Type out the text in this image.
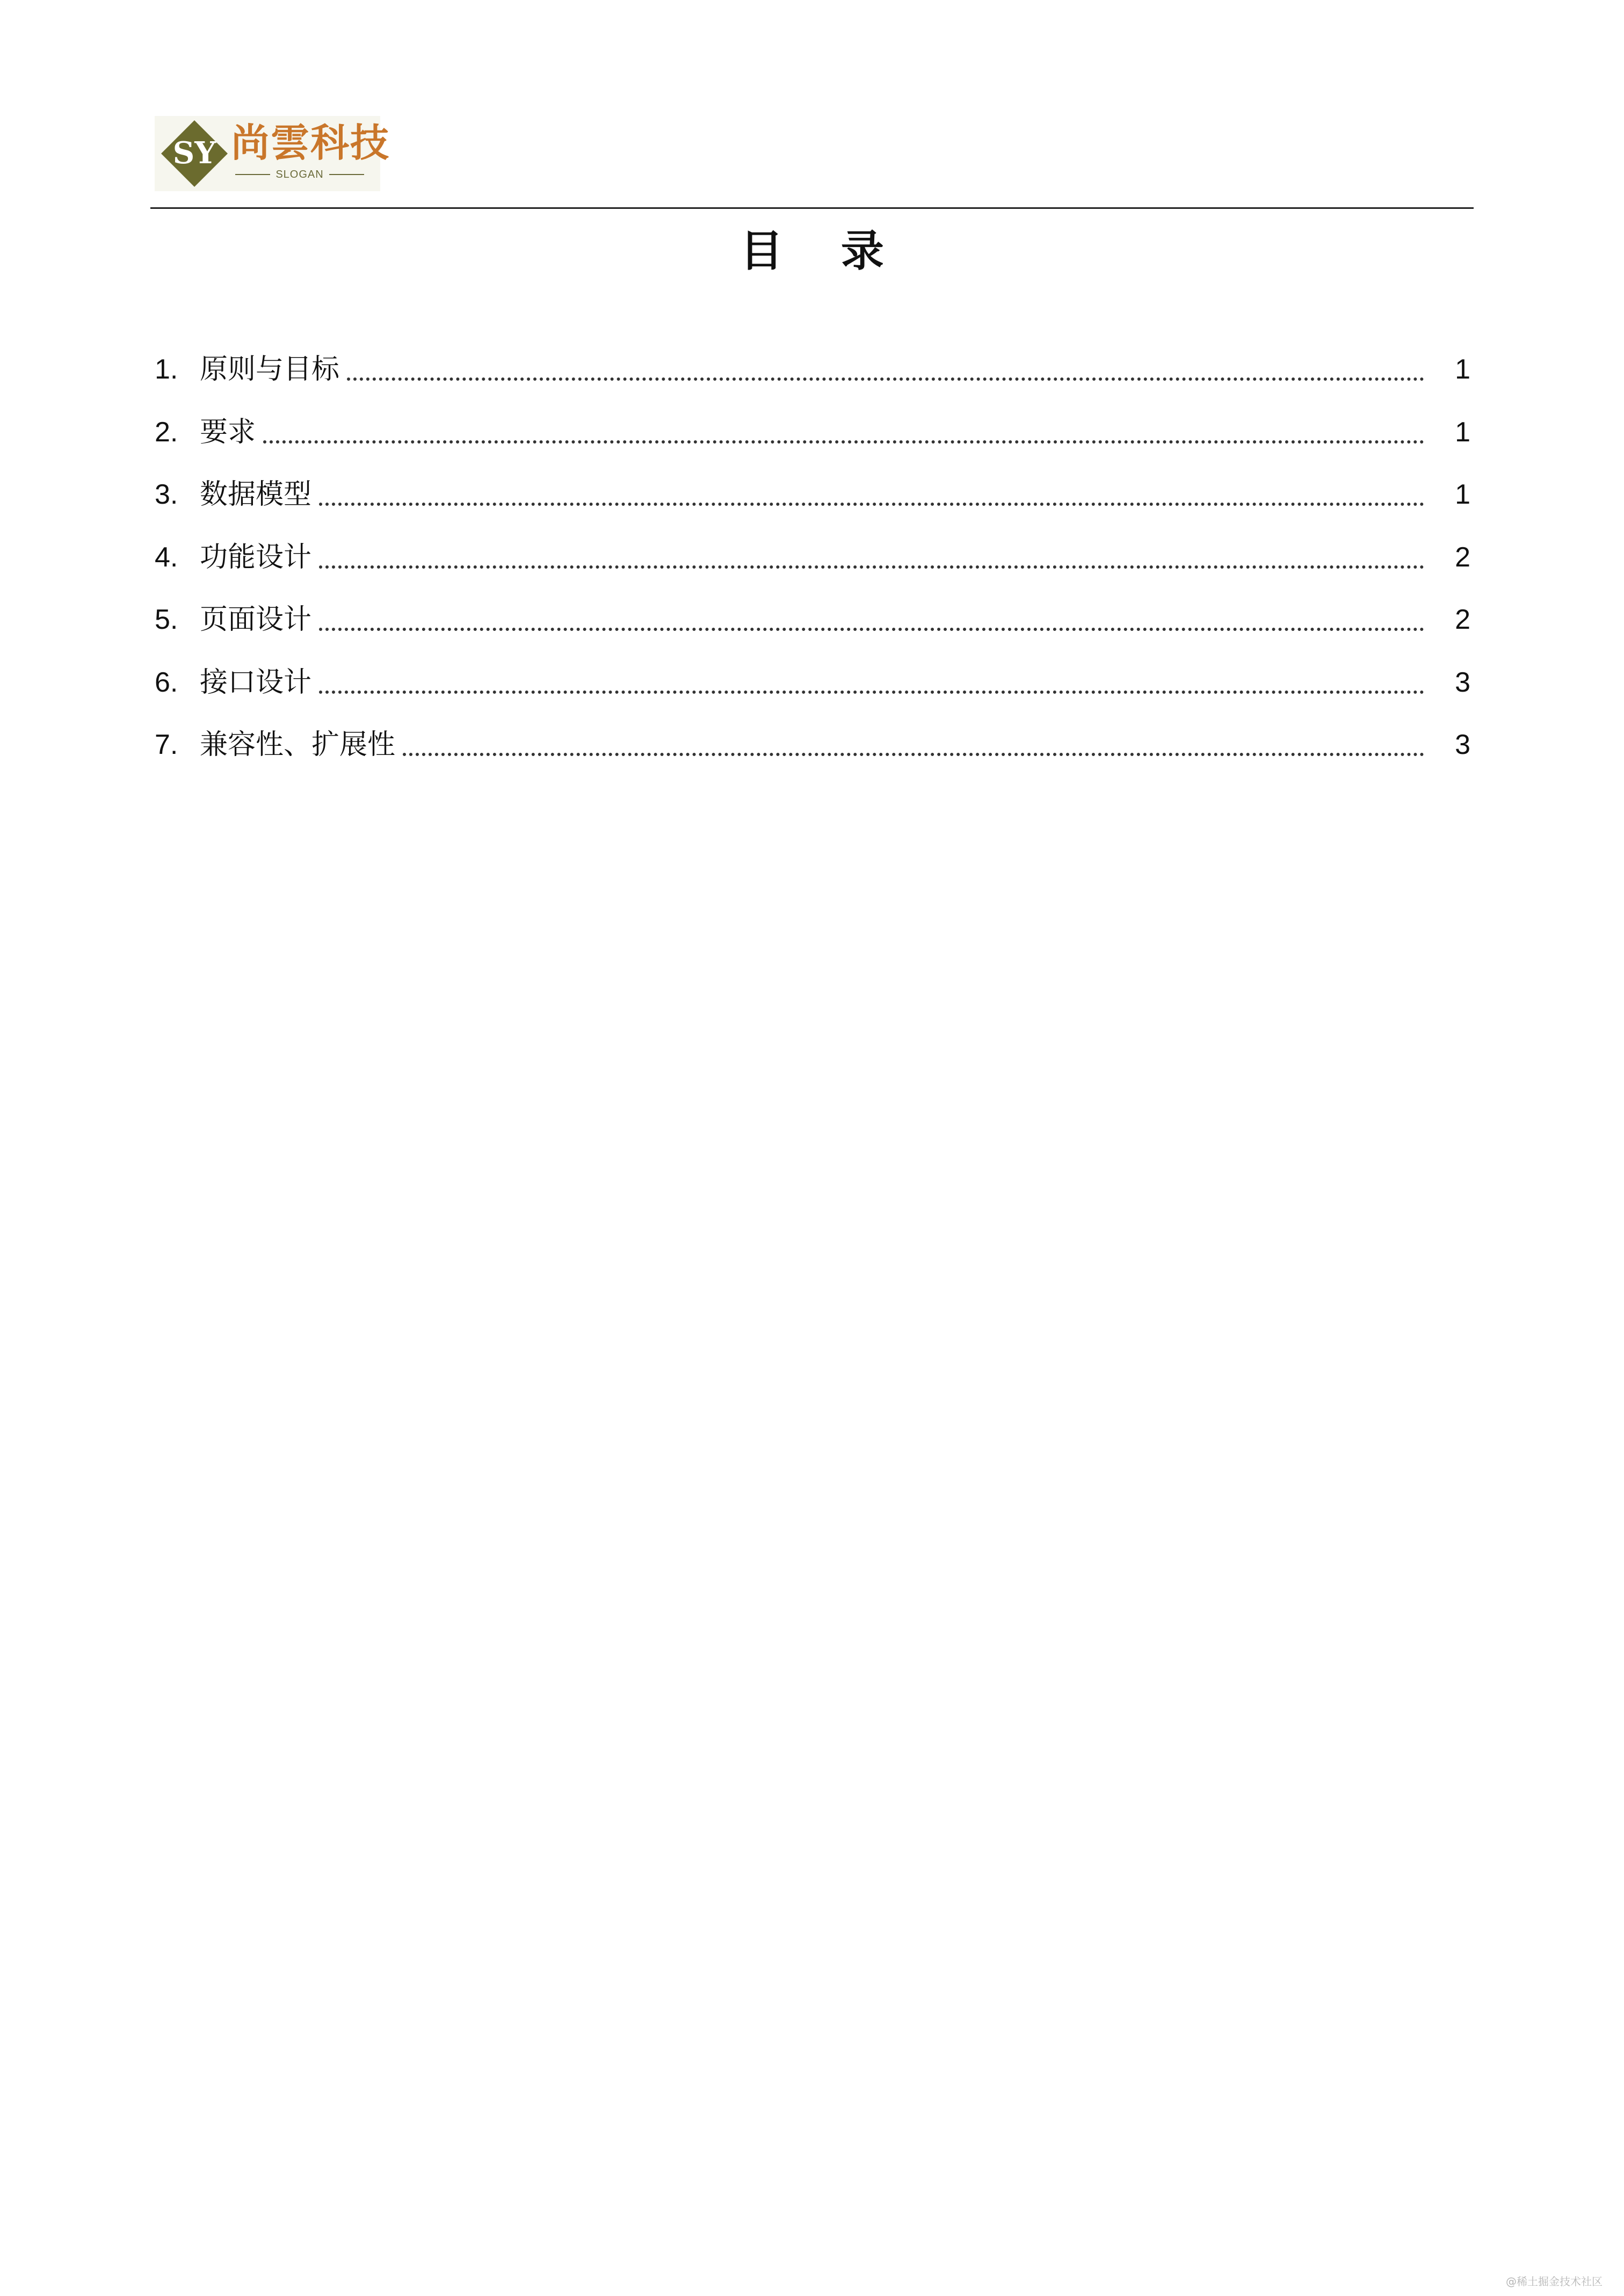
SY 尚雲科技
SLOGAN
目 录
1. 原则与目标	1
2. 要求	1
3. 数据模型	1
4. 功能设计	2
5. 页面设计	2
6. 接口设计	3
7. 兼容性、扩展性	3
@稀土掘金技术社区
